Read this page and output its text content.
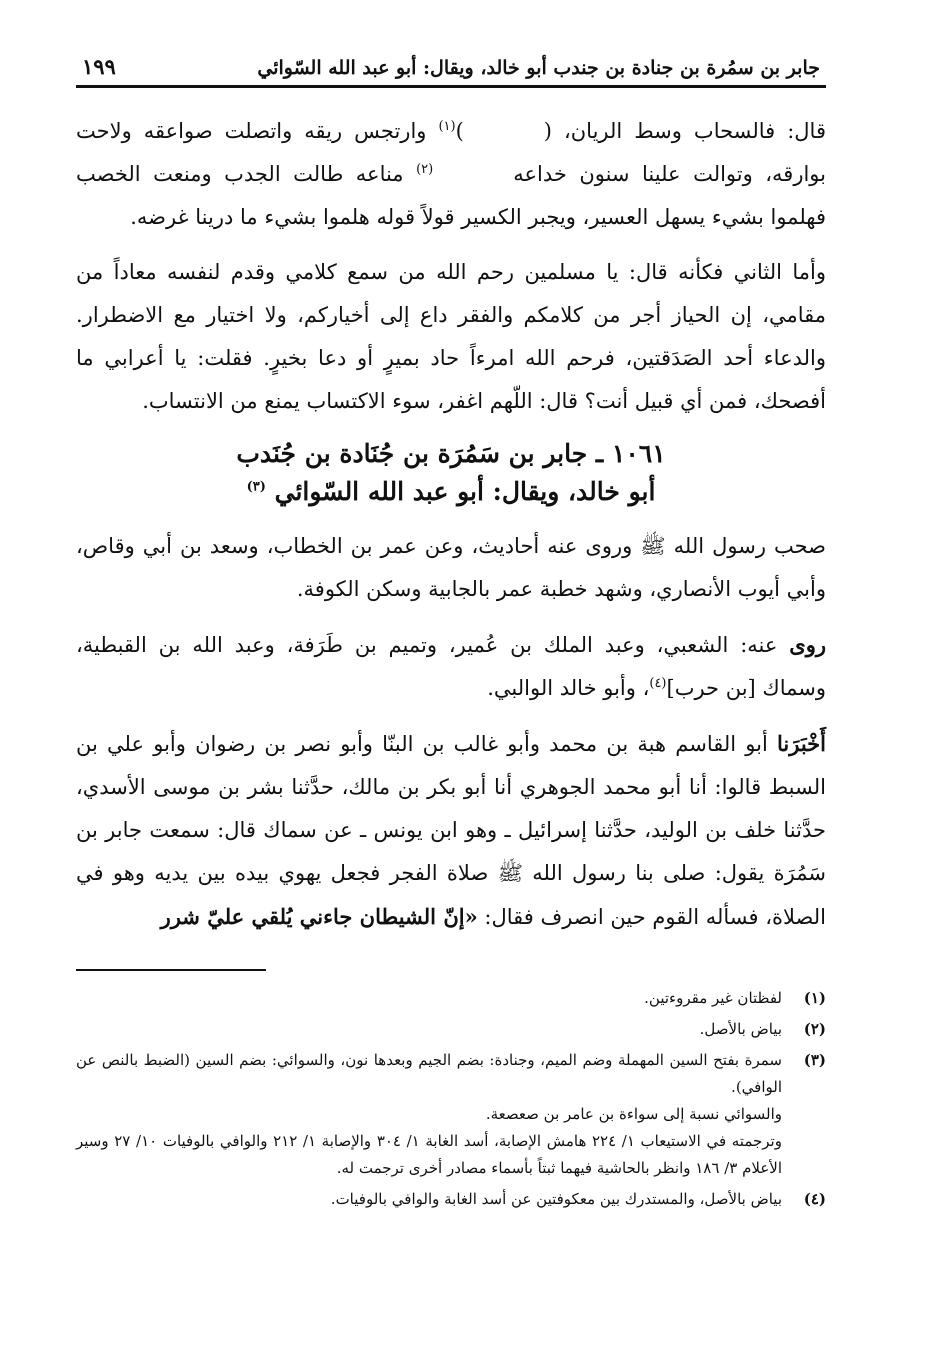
جابر بن سمُرة بن جنادة بن جندب أبو خالد، ويقال: أبو عبد الله السّوائي
١٩٩

قال: فالسحاب وسط الريان، ()$^{(١)}$ وارتجس ريقه واتصلت صواعقه ولاحت بوارقه، وتوالت علينا سنون خداعه$^{(٢)}$ مناعه طالت الجدب ومنعت الخصب فهلموا بشيء يسهل العسير، ويجبر الكسير قولاً قوله هلموا بشيء ما درينا غرضه.

وأما الثاني فكأنه قال: يا مسلمين رحم الله من سمع كلامي وقدم لنفسه معاداً من مقامي، إن الحياز أجر من كلامكم والفقر داع إلى أخياركم، ولا اختيار مع الاضطرار. والدعاء أحد الصَدَقتين، فرحم الله امرءاً حاد بميرٍ أو دعا بخيرٍ. فقلت: يا أعرابي ما أفصحك، فمن أي قبيل أنت؟ قال: اللّهم اغفر، سوء الاكتساب يمنع من الانتساب.

١٠٦١ ـ جابر بن سَمُرَة بن جُنَادة بن جُنَدب
أبو خالد، ويقال: أبو عبد الله السّوائي $^{(٣)}$

صحب رسول الله ﷺ وروى عنه أحاديث، وعن عمر بن الخطاب، وسعد بن أبي وقاص، وأبي أيوب الأنصاري، وشهد خطبة عمر بالجابية وسكن الكوفة.

روى عنه: الشعبي، وعبد الملك بن عُمير، وتميم بن طَرَفة، وعبد الله بن القبطية، وسماك [بن حرب]$^{(٤)}$، وأبو خالد الوالبي.

أَخْبَرَنا أبو القاسم هبة بن محمد وأبو غالب بن البنّا وأبو نصر بن رضوان وأبو علي بن السبط قالوا: أنا أبو محمد الجوهري أنا أبو بكر بن مالك، حدَّثنا بشر بن موسى الأسدي، حدَّثنا خلف بن الوليد، حدَّثنا إسرائيل ـ وهو ابن يونس ـ عن سماك قال: سمعت جابر بن سَمُرَة يقول: صلى بنا رسول الله ﷺ صلاة الفجر فجعل يهوي بيده بين يديه وهو في الصلاة، فسأله القوم حين انصرف فقال: «إنّ الشيطان جاءني يُلقي عليّ شرر

(١)
لفظتان غير مقروءتين.
(٢)
بياض بالأصل.
(٣)
سمرة بفتح السين المهملة وضم الميم، وجنادة: بضم الجيم وبعدها نون، والسوائي: بضم السين (الضبط بالنص عن الوافي).
والسوائي نسبة إلى سواءة بن عامر بن صعصعة.
وترجمته في الاستيعاب ١/ ٢٢٤ هامش الإصابة، أسد الغابة ١/ ٣٠٤ والإصابة ١/ ٢١٢ والوافي بالوفيات ١٠/ ٢٧ وسير الأعلام ٣/ ١٨٦ وانظر بالحاشية فيهما ثبتاً بأسماء مصادر أخرى ترجمت له.
(٤)
بياض بالأصل، والمستدرك بين معكوفتين عن أسد الغابة والوافي بالوفيات.
